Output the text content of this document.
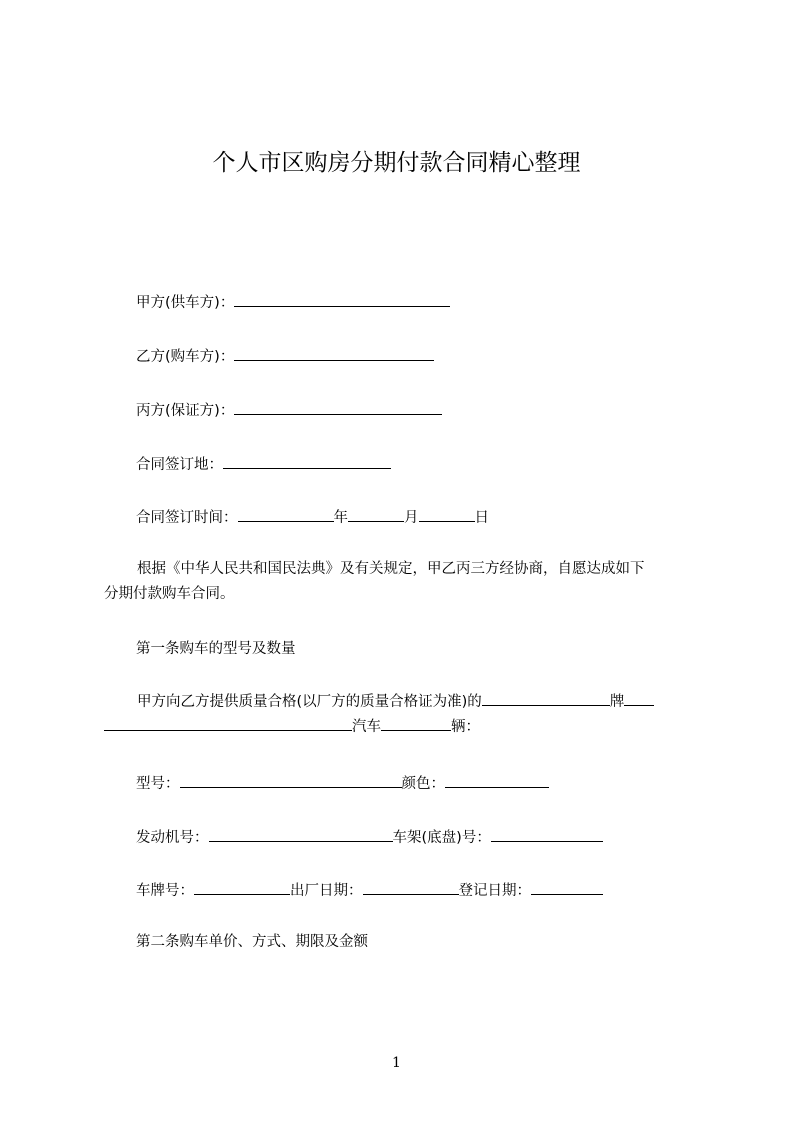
个人市区购房分期付款合同精心整理
甲方(供车方)：
乙方(购车方)：
丙方(保证方)：
合同签订地：
合同签订时间：	年	月	日
根据《中华人民共和国民法典》及有关规定，甲乙丙三方经协商，自愿达成如下
分期付款购车合同。
第一条购车的型号及数量
甲方向乙方提供质量合格(以厂方的质量合格证为准)的	牌
汽车	辆：
型号：	颜色：
发动机号：	车架(底盘)号：
车牌号：	出厂日期：	登记日期：
第二条购车单价、方式、期限及金额
1
